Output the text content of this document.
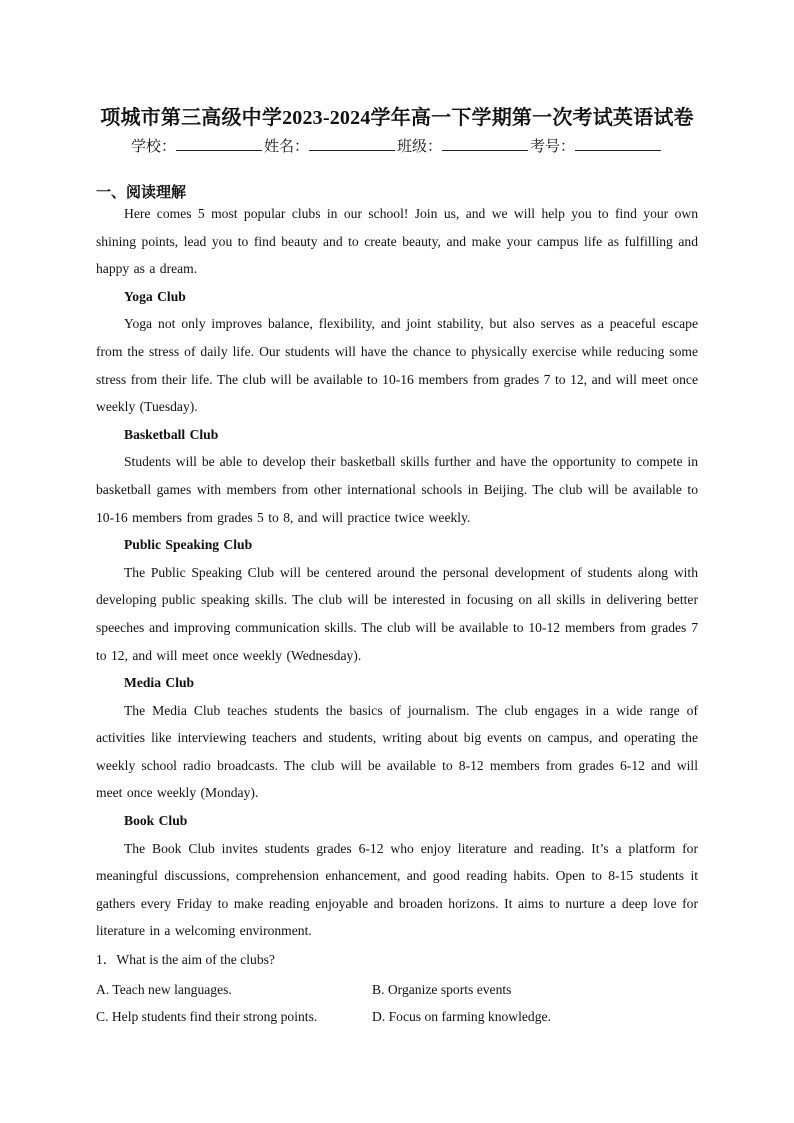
项城市第三高级中学2023-2024学年高一下学期第一次考试英语试卷
学校：	姓名：	班级：	考号：
一、阅读理解

Here comes 5 most popular clubs in our school! Join us, and we will help you to find your own shining points, lead you to find beauty and to create beauty, and make your campus life as fulfilling and happy as a dream.

Yoga Club

Yoga not only improves balance, flexibility, and joint stability, but also serves as a peaceful escape from the stress of daily life. Our students will have the chance to physically exercise while reducing some stress from their life. The club will be available to 10-16 members from grades 7 to 12, and will meet once weekly (Tuesday).

Basketball Club

Students will be able to develop their basketball skills further and have the opportunity to compete in basketball games with members from other international schools in Beijing. The club will be available to 10-16 members from grades 5 to 8, and will practice twice weekly.

Public Speaking Club

The Public Speaking Club will be centered around the personal development of students along with developing public speaking skills. The club will be interested in focusing on all skills in delivering better speeches and improving communication skills. The club will be available to 10-12 members from grades 7 to 12, and will meet once weekly (Wednesday).

Media Club

The Media Club teaches students the basics of journalism. The club engages in a wide range of activities like interviewing teachers and students, writing about big events on campus, and operating the weekly school radio broadcasts. The club will be available to 8-12 members from grades 6-12 and will meet once weekly (Monday).

Book Club

The Book Club invites students grades 6-12 who enjoy literature and reading. It’s a platform for meaningful discussions, comprehension enhancement, and good reading habits. Open to 8-15 students it gathers every Friday to make reading enjoyable and broaden horizons. It aims to nurture a deep love for literature in a welcoming environment.

1．What is the aim of the clubs?

A. Teach new languages.	B. Organize sports events
C. Help students find their strong points.	D. Focus on farming knowledge.
